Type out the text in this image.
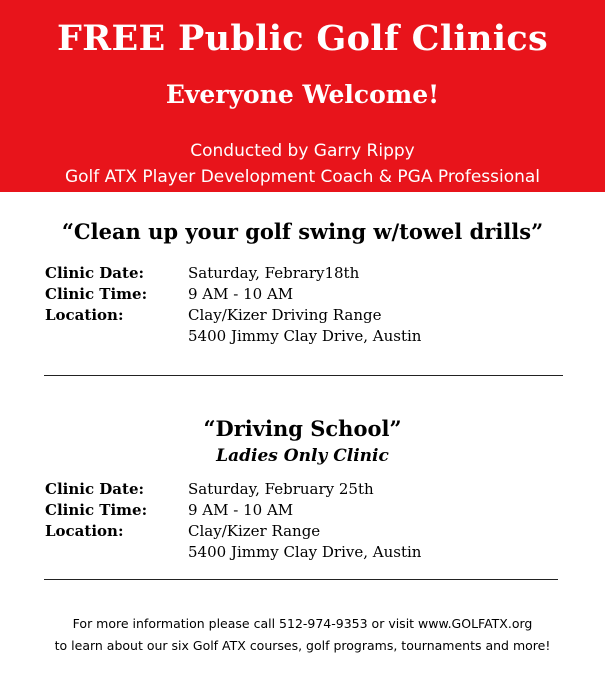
FREE Public Golf Clinics
Everyone Welcome!
Conducted by Garry Rippy
Golf ATX Player Development Coach & PGA Professional
“Clean up your golf swing w/towel drills”
Clinic Date:	Saturday, Febrary18th
Clinic Time:	9 AM - 10 AM
Location:	Clay/Kizer Driving Range
5400 Jimmy Clay Drive, Austin
“Driving School”
Ladies Only Clinic
Clinic Date:	Saturday, February 25th
Clinic Time:	9 AM - 10 AM
Location:	Clay/Kizer Range
5400 Jimmy Clay Drive, Austin
For more information please call 512-974-9353 or visit www.GOLFATX.org
to learn about our six Golf ATX courses, golf programs, tournaments and more!
